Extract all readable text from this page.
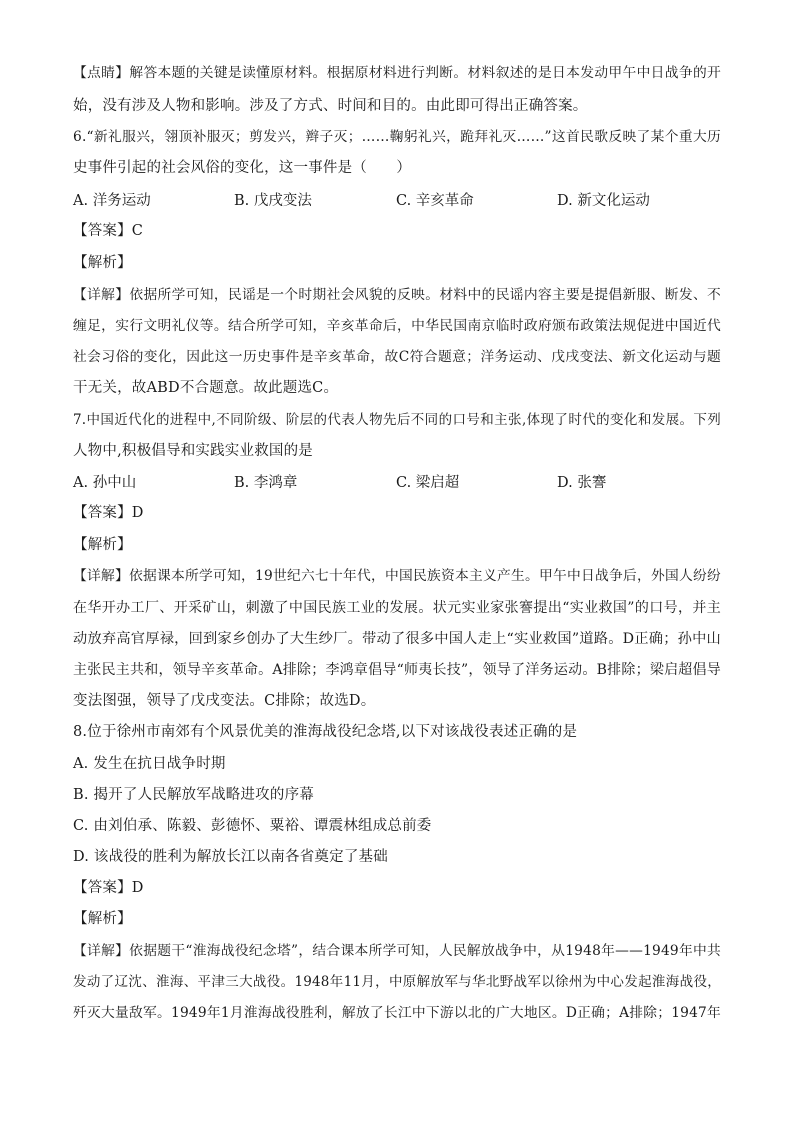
【点睛】解答本题的关键是读懂原材料。根据原材料进行判断。材料叙述的是日本发动甲午中日战争的开
始，没有涉及人物和影响。涉及了方式、时间和目的。由此即可得出正确答案。
6.“新礼服兴，翎顶补服灭；剪发兴，辫子灭；……鞠躬礼兴，跪拜礼灭……”这首民歌反映了某个重大历
史事件引起的社会风俗的变化，这一事件是（　　）
A. 洋务运动	B. 戊戌变法	C. 辛亥革命	D. 新文化运动
【答案】C
【解析】
【详解】依据所学可知，民谣是一个时期社会风貌的反映。材料中的民谣内容主要是提倡新服、断发、不
缠足，实行文明礼仪等。结合所学可知，辛亥革命后，中华民国南京临时政府颁布政策法规促进中国近代
社会习俗的变化，因此这一历史事件是辛亥革命，故C符合题意；洋务运动、戊戌变法、新文化运动与题
干无关，故ABD不合题意。故此题选C。
7.中国近代化的进程中,不同阶级、阶层的代表人物先后不同的口号和主张,体现了时代的变化和发展。下列
人物中,积极倡导和实践实业救国的是
A. 孙中山	B. 李鸿章	C. 梁启超	D. 张謇
【答案】D
【解析】
【详解】依据课本所学可知，19世纪六七十年代，中国民族资本主义产生。甲午中日战争后，外国人纷纷
在华开办工厂、开采矿山，刺激了中国民族工业的发展。状元实业家张謇提出“实业救国”的口号，并主
动放弃高官厚禄，回到家乡创办了大生纱厂。带动了很多中国人走上“实业救国”道路。D正确；孙中山
主张民主共和，领导辛亥革命。A排除；李鸿章倡导“师夷长技”，领导了洋务运动。B排除；梁启超倡导
变法图强，领导了戊戌变法。C排除；故选D。
8.位于徐州市南郊有个风景优美的淮海战役纪念塔,以下对该战役表述正确的是
A. 发生在抗日战争时期
B. 揭开了人民解放军战略进攻的序幕
C. 由刘伯承、陈毅、彭德怀、粟裕、谭震林组成总前委
D. 该战役的胜利为解放长江以南各省奠定了基础
【答案】D
【解析】
【详解】依据题干“淮海战役纪念塔”，结合课本所学可知，人民解放战争中，从1948年——1949年中共
发动了辽沈、淮海、平津三大战役。1948年11月，中原解放军与华北野战军以徐州为中心发起淮海战役，
歼灭大量敌军。1949年1月淮海战役胜利，解放了长江中下游以北的广大地区。D正确；A排除；1947年
